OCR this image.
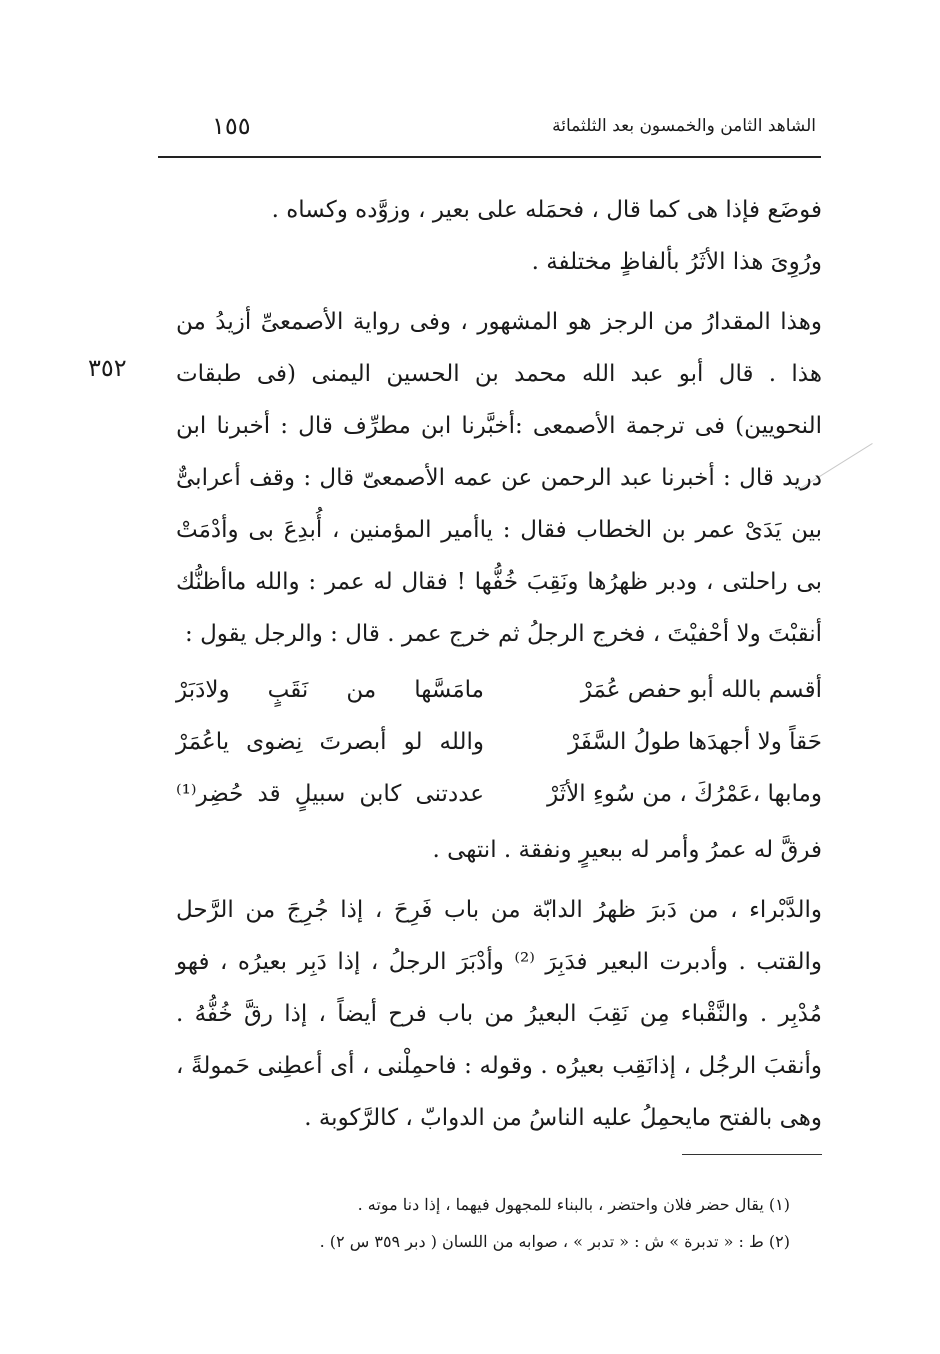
الشاهد الثامن والخمسون بعد الثلثمائة
١٥٥
٣٥٢

فوضَع فإذا هى كما قال ، فحمَله على بعير ، وزوَّده وكساه .

ورُوِىَ هذا الأثَرُ بألفاظٍ مختلفة .

وهذا المقدارُ من الرجز هو المشهور ، وفى رواية الأصمعىِّ أزيدُ من هذا . قال أبو عبد الله محمد بن الحسين اليمنى (فى طبقات النحويين) فى ترجمة الأصمعى :أخبَّرنا ابن مطرِّف قال : أخبرنا ابن دريد قال : أخبرنا عبد الرحمن عن عمه الأصمعىّ قال : وقف أعرابىٌّ بين يَدَىْ عمر بن الخطاب فقال : ياأمير المؤمنين ، أُبدِعَ بى وأدْمَتْ بى راحلتى ، ودبر ظهرُها ونَقِبَ خُفُّها ! فقال له عمر : والله ماأظنُّك أنقبْتَ ولا أحْفيْتَ ، فخرج الرجلُ ثم خرج عمر . قال : والرجل يقول :

أقسم بالله أبو حفص عُمَرْ
مامَسَّها من نَقَبٍ ولادَبَرْ
حَقاً ولا أجهدَها طولُ السَّفَرْ
والله لو أبصرتَ نِضوى ياعُمَرْ
ومابها ،عَمْرُكَ ، من سُوءِ الأثَرْ
عددتنى كابن سبيلٍ قد حُضِر⁽¹⁾

فرقَّ له عمرُ وأمر له ببعيرٍ ونفقة . انتهى .

والدَّبْراء ، من دَبرَ ظهرُ الدابّة من باب فَرِحَ ، إذا جُرِجَ من الرَّحل والقتب . وأدبرت البعير فدَبِرَ ⁽²⁾ وأدْبَرَ الرجلُ ، إذا دَبِر بعيرُه ، فهو مُدْبِر . والنَّقْباء مِن نَقِبَ البعيرُ من باب فرح أيضاً ، إذا رقَّ خُفُّهُ . وأنقبَ الرجُل ، إذانَقِب بعيرُه . وقوله : فاحمِلْنى ، أى أعطِنى حَمولةً ، وهى بالفتح مايحمِلُ عليه الناسُ من الدوابّ ، كالرَّكوبة .

(١) يقال حضر فلان واحتضر ، بالبناء للمجهول فيهما ، إذا دنا موته .

(٢) ط : « تدبرة » ش : « تدبر » ، صوابه من اللسان ( دبر ٣٥٩ س ٢) .
